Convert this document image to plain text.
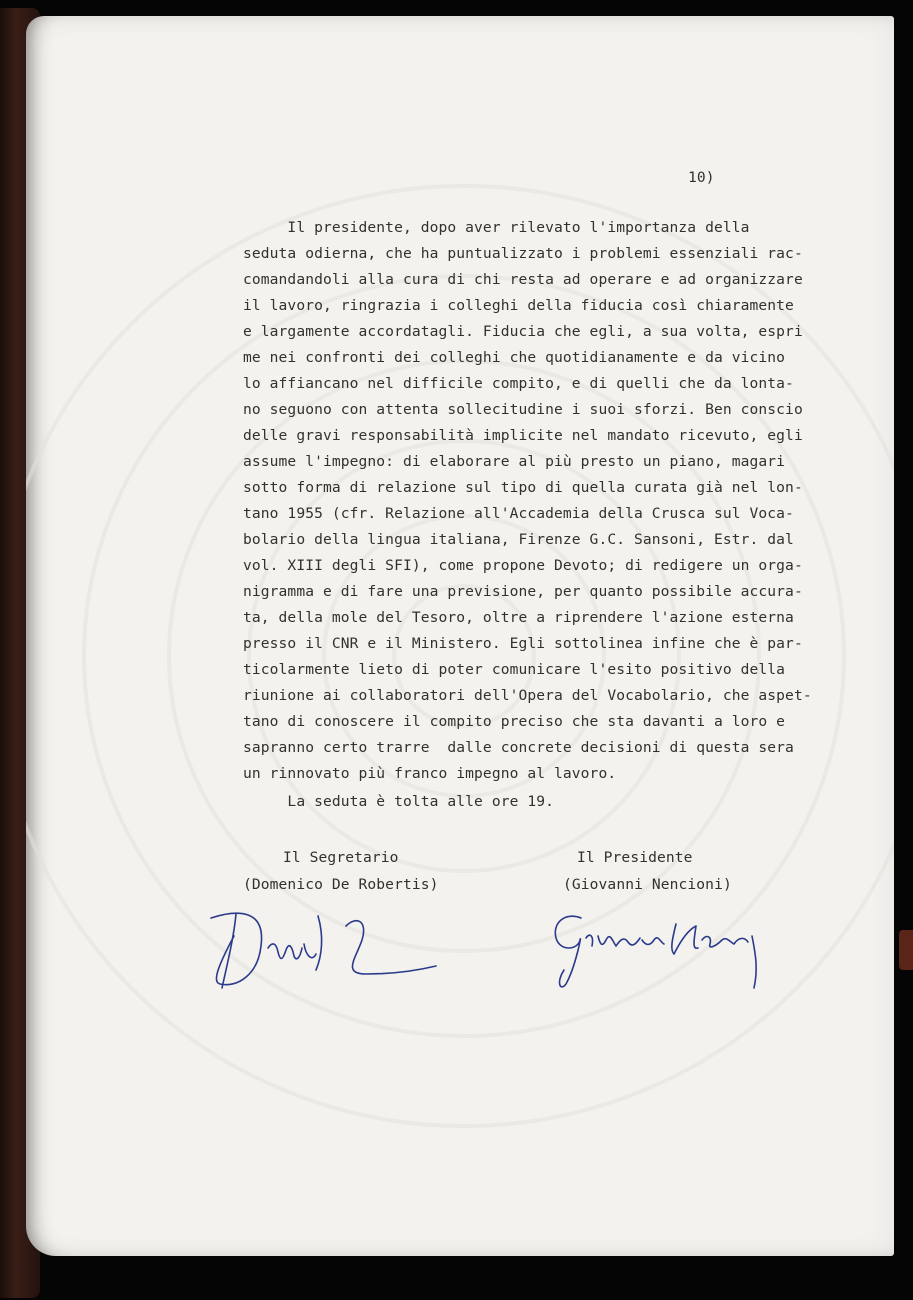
10)
Il presidente, dopo aver rilevato l'importanza della
seduta odierna, che ha puntualizzato i problemi essenziali rac-
comandandoli alla cura di chi resta ad operare e ad organizzare
il lavoro, ringrazia i colleghi della fiducia così chiaramente
e largamente accordatagli. Fiducia che egli, a sua volta, espri
me nei confronti dei colleghi che quotidianamente e da vicino
lo affiancano nel difficile compito, e di quelli che da lonta-
no seguono con attenta sollecitudine i suoi sforzi. Ben conscio
delle gravi responsabilità implicite nel mandato ricevuto, egli
assume l'impegno: di elaborare al più presto un piano, magari
sotto forma di relazione sul tipo di quella curata già nel lon-
tano 1955 (cfr. Relazione all'Accademia della Crusca sul Voca-
bolario della lingua italiana, Firenze G.C. Sansoni, Estr. dal
vol. XIII degli SFI), come propone Devoto; di redigere un orga-
nigramma e di fare una previsione, per quanto possibile accura-
ta, della mole del Tesoro, oltre a riprendere l'azione esterna
presso il CNR e il Ministero. Egli sottolinea infine che è par-
ticolarmente lieto di poter comunicare l'esito positivo della
riunione ai collaboratori dell'Opera del Vocabolario, che aspet-
tano di conoscere il compito preciso che sta davanti a loro e
sapranno certo trarre  dalle concrete decisioni di questa sera
un rinnovato più franco impegno al lavoro.
La seduta è tolta alle ore 19.
Il Segretario
(Domenico De Robertis)
Il Presidente
(Giovanni Nencioni)
